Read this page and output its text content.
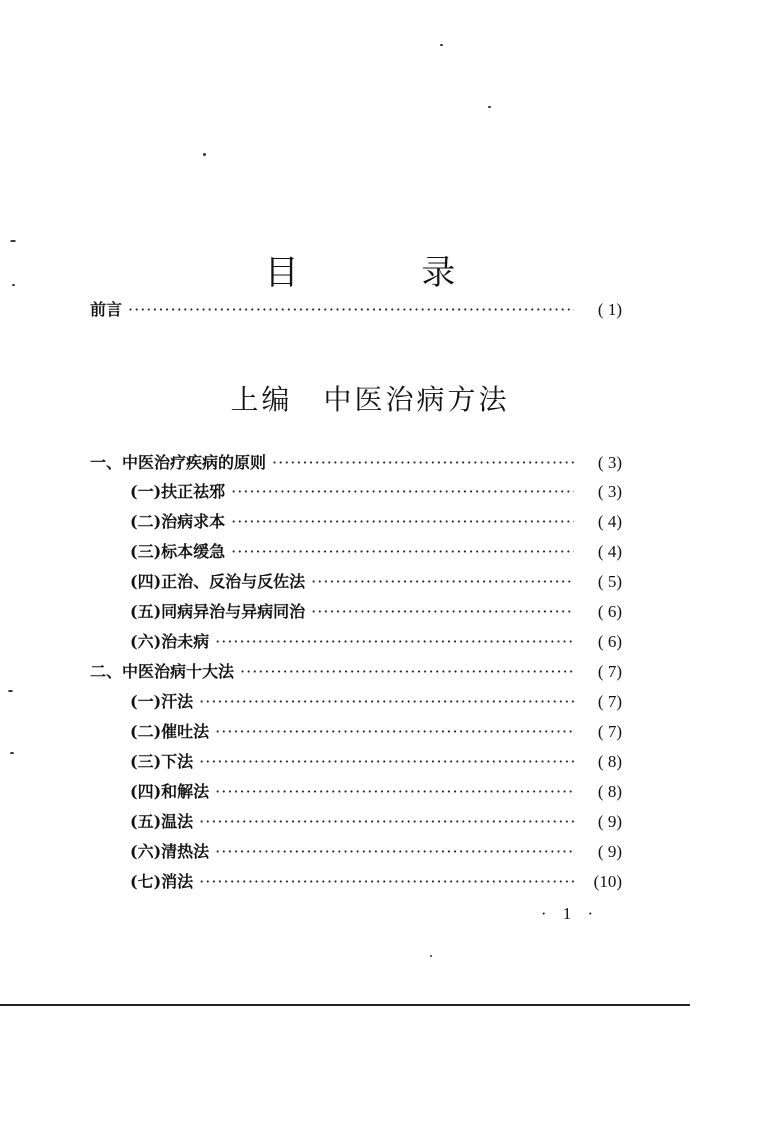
目 录
前言 ·····	( 1)
上编　中医治病方法
一、中医治疗疾病的原则 ·····	( 3)
(一)扶正祛邪 ·····	( 3)
(二)治病求本 ·····	( 4)
(三)标本缓急 ·····	( 4)
(四)正治、反治与反佐法 ·····	( 5)
(五)同病异治与异病同治 ·····	( 6)
(六)治未病 ·····	( 6)
二、中医治病十大法 ·····	( 7)
(一)汗法 ·····	( 7)
(二)催吐法 ·····	( 7)
(三)下法 ·····	( 8)
(四)和解法 ·····	( 8)
(五)温法 ·····	( 9)
(六)清热法 ·····	( 9)
(七)消法 ·····	(10)
· 1 ·
